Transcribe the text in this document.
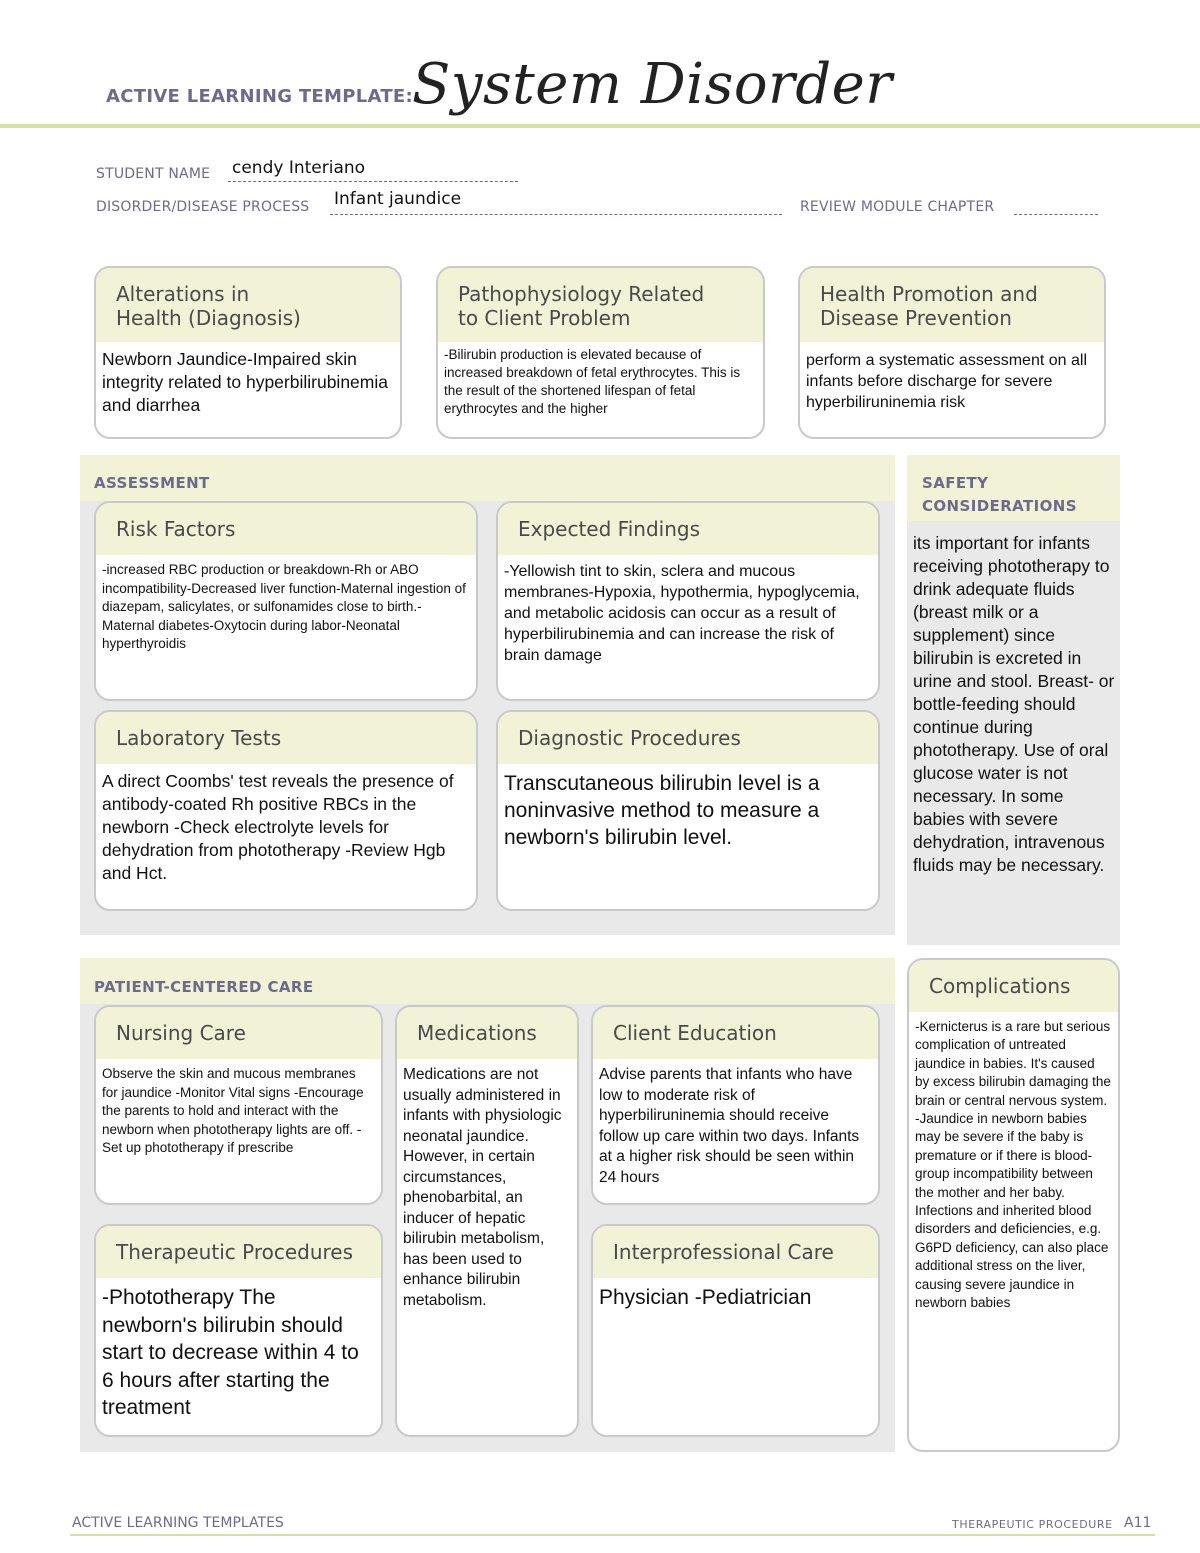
ACTIVE LEARNING TEMPLATE: System Disorder
STUDENT NAME cendy Interiano
DISORDER/DISEASE PROCESS Infant jaundice	REVIEW MODULE CHAPTER
Alterations in
Health (Diagnosis)
Newborn Jaundice-Impaired skin integrity related to hyperbilirubinemia and diarrhea
Pathophysiology Related
to Client Problem
-Bilirubin production is elevated because of increased breakdown of fetal erythrocytes. This is the result of the shortened lifespan of fetal erythrocytes and the higher
Health Promotion and
Disease Prevention
perform a systematic assessment on all infants before discharge for severe hyperbiliruninemia risk
ASSESSMENT
Risk Factors
-increased RBC production or breakdown-Rh or ABO incompatibility-Decreased liver function-Maternal ingestion of diazepam, salicylates, or sulfonamides close to birth.-Maternal diabetes-Oxytocin during labor-Neonatal hyperthyroidis
Expected Findings
-Yellowish tint to skin, sclera and mucous membranes-Hypoxia, hypothermia, hypoglycemia, and metabolic acidosis can occur as a result of hyperbilirubinemia and can increase the risk of brain damage
Laboratory Tests
A direct Coombs' test reveals the presence of antibody-coated Rh positive RBCs in the newborn -Check electrolyte levels for dehydration from phototherapy -Review Hgb and Hct.
Diagnostic Procedures
Transcutaneous bilirubin level is a noninvasive method to measure a newborn's bilirubin level.
SAFETY
CONSIDERATIONS
its important for infants receiving phototherapy to drink adequate fluids (breast milk or a supplement) since bilirubin is excreted in urine and stool. Breast- or bottle-feeding should continue during phototherapy. Use of oral glucose water is not necessary. In some babies with severe dehydration, intravenous fluids may be necessary.
PATIENT-CENTERED CARE
Nursing Care
Observe the skin and mucous membranes for jaundice -Monitor Vital signs -Encourage the parents to hold and interact with the newborn when phototherapy lights are off. -Set up phototherapy if prescribe
Medications
Medications are not usually administered in infants with physiologic neonatal jaundice. However, in certain circumstances, phenobarbital, an inducer of hepatic bilirubin metabolism, has been used to enhance bilirubin metabolism.
Client Education
Advise parents that infants who have low to moderate risk of hyperbiliruninemia should receive follow up care within two days. Infants at a higher risk should be seen within 24 hours
Therapeutic Procedures
-Phototherapy The newborn's bilirubin should start to decrease within 4 to 6 hours after starting the treatment
Interprofessional Care
Physician -Pediatrician
Complications
-Kernicterus is a rare but serious complication of untreated jaundice in babies. It's caused by excess bilirubin damaging the brain or central nervous system. -Jaundice in newborn babies may be severe if the baby is premature or if there is blood-group incompatibility between the mother and her baby. Infections and inherited blood disorders and deficiencies, e.g. G6PD deficiency, can also place additional stress on the liver, causing severe jaundice in newborn babies
ACTIVE LEARNING TEMPLATES	THERAPEUTIC PROCEDURE A11
